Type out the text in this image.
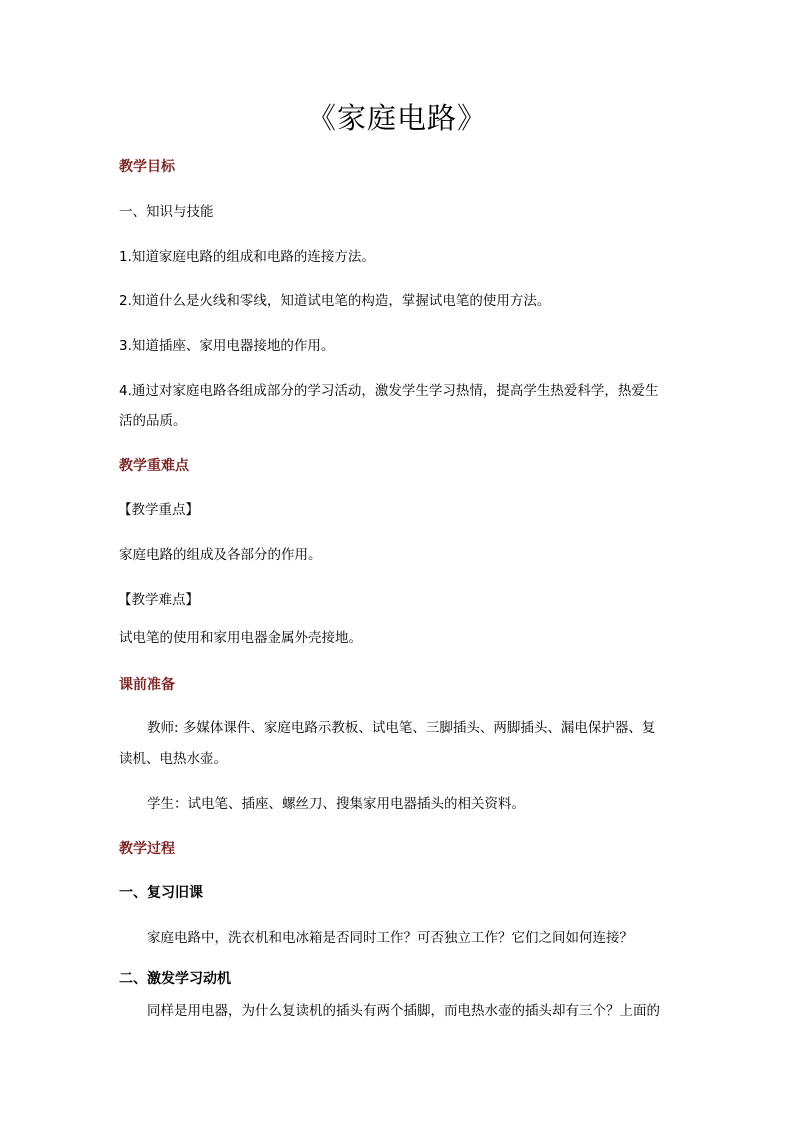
《家庭电路》
教学目标
一、知识与技能
1.知道家庭电路的组成和电路的连接方法。
2.知道什么是火线和零线，知道试电笔的构造，掌握试电笔的使用方法。
3.知道插座、家用电器接地的作用。
4.通过对家庭电路各组成部分的学习活动，激发学生学习热情，提高学生热爱科学，热爱生
活的品质。
教学重难点
【教学重点】
家庭电路的组成及各部分的作用。
【教学难点】
试电笔的使用和家用电器金属外壳接地。
课前准备
教师: 多媒体课件、家庭电路示教板、试电笔、三脚插头、两脚插头、漏电保护器、复
读机、电热水壶。
学生：试电笔、插座、螺丝刀、搜集家用电器插头的相关资料。
教学过程
一、复习旧课
家庭电路中，洗衣机和电冰箱是否同时工作？可否独立工作？它们之间如何连接？
二、激发学习动机
同样是用电器，为什么复读机的插头有两个插脚，而电热水壶的插头却有三个？上面的
